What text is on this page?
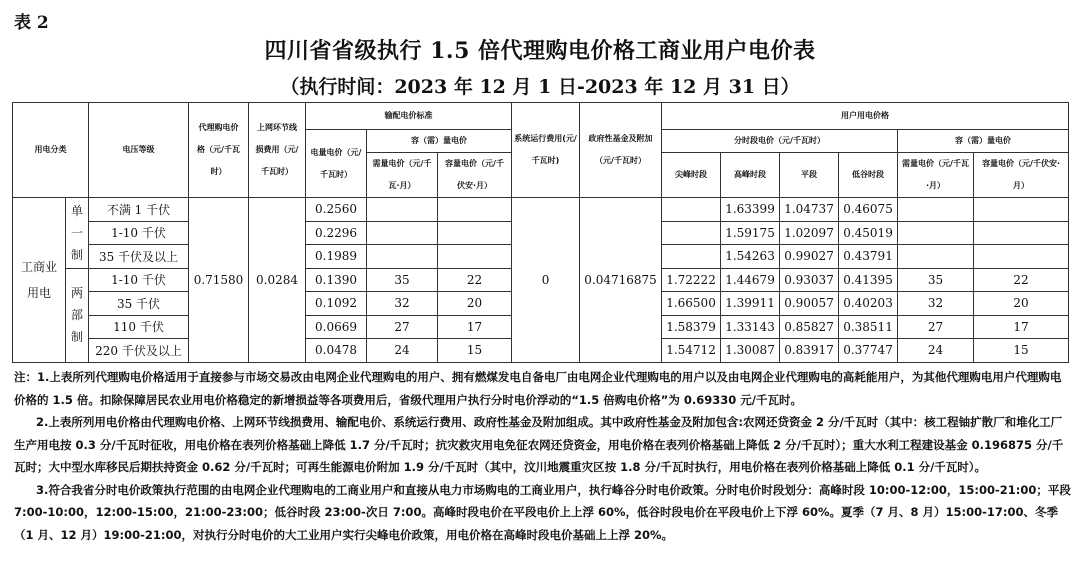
表 2
四川省省级执行 1.5 倍代理购电价格工商业用户电价表
（执行时间：2023 年 12 月 1 日-2023 年 12 月 31 日）
用电分类		电压等级	代理购电价格（元/千瓦时）	上网环节线损费用（元/千瓦时）	输配电价标准			系统运行费用(元/千瓦时)	政府性基金及附加（元/千瓦时）	用户用电价格					
					电量电价（元/千瓦时）	容（需）量电价				分时段电价（元/千瓦时）				容（需）量电价	
						需量电价（元/千瓦·月）	容量电价（元/千伏安·月）			尖峰时段	高峰时段	平段	低谷时段	需量电价（元/千瓦·月）	容量电价（元/千伏安·月）
工商业用电	单一制	不满 1 千伏	0.71580	0.0284	0.2560			0	0.04716875		1.63399	1.04737	0.46075		
		1-10 千伏			0.2296						1.59175	1.02097	0.45019		
		35 千伏及以上			0.1989						1.54263	0.99027	0.43791		

	两部制	1-10 千伏			0.1390	35	22			1.72222	1.44679	0.93037	0.41395	35	22
		35 千伏			0.1092	32	20			1.66500	1.39911	0.90057	0.40203	32	20
		110 千伏			0.0669	27	17			1.58379	1.33143	0.85827	0.38511	27	17
		220 千伏及以上			0.0478	24	15			1.54712	1.30087	0.83917	0.37747	24	15

注：1.上表所列代理购电价格适用于直接参与市场交易改由电网企业代理购电的用户、拥有燃煤发电自备电厂由电网企业代理购电的用户以及由电网企业代理购电的高耗能用户，为其他代理购电用户代理购电价格的 1.5 倍。扣除保障居民农业用电价格稳定的新增损益等各项费用后，省级代理用户执行分时电价浮动的“1.5 倍购电价格”为 0.69330 元/千瓦时。

2.上表所列用电价格由代理购电价格、上网环节线损费用、输配电价、系统运行费用、政府性基金及附加组成。其中政府性基金及附加包含:农网还贷资金 2 分/千瓦时（其中：核工程铀扩散厂和堆化工厂生产用电按 0.3 分/千瓦时征收，用电价格在表列价格基础上降低 1.7 分/千瓦时；抗灾救灾用电免征农网还贷资金，用电价格在表列价格基础上降低 2 分/千瓦时）；重大水利工程建设基金 0.196875 分/千瓦时；大中型水库移民后期扶持资金 0.62 分/千瓦时；可再生能源电价附加 1.9 分/千瓦时（其中，汶川地震重灾区按 1.8 分/千瓦时执行，用电价格在表列价格基础上降低 0.1 分/千瓦时）。

3.符合我省分时电价政策执行范围的由电网企业代理购电的工商业用户和直接从电力市场购电的工商业用户，执行峰谷分时电价政策。分时电价时段划分：高峰时段 10:00-12:00，15:00-21:00；平段 7:00-10:00，12:00-15:00，21:00-23:00；低谷时段 23:00-次日 7:00。高峰时段电价在平段电价上上浮 60%，低谷时段电价在平段电价上下浮 60%。夏季（7 月、8 月）15:00-17:00、冬季（1 月、12 月）19:00-21:00，对执行分时电价的大工业用户实行尖峰电价政策，用电价格在高峰时段电价基础上上浮 20%。
